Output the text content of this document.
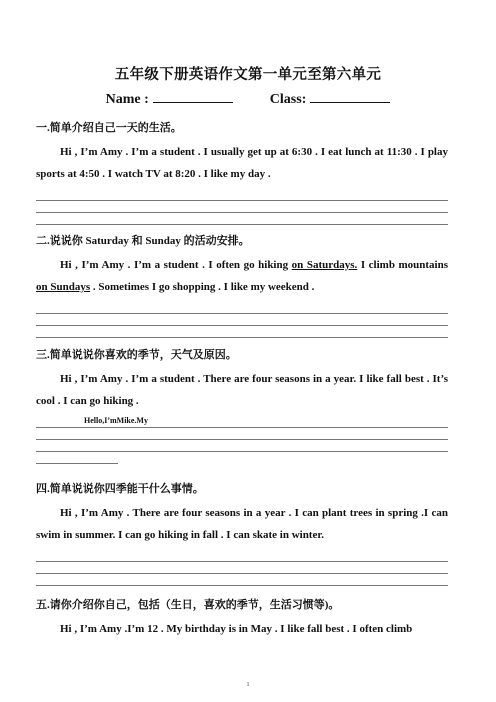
五年级下册英语作文第一单元至第六单元
Name :	Class:
一.简单介绍自己一天的生活。
Hi , I’m Amy . I’m a student . I usually get up at 6:30 . I eat lunch at 11:30 . I play sports at 4:50 . I watch TV at 8:20 . I like my day .
二.说说你 Saturday 和 Sunday 的活动安排。
Hi , I’m Amy . I’m a student . I often go hiking on Saturdays. I climb mountains on Sundays . Sometimes I go shopping . I like my weekend .
三.简单说说你喜欢的季节，天气及原因。
Hi , I’m Amy . I’m a student . There are four seasons in a year. I like fall best . It’s cool . I can go hiking .
Hello,I’mMike.My
四.简单说说你四季能干什么事情。
Hi , I’m Amy . There are four seasons in a year . I can plant trees in spring .I can swim in summer. I can go hiking in fall . I can skate in winter.
五.请你介绍你自己，包括（生日，喜欢的季节，生活习惯等)。
Hi , I’m Amy .I’m 12 . My birthday is in May . I like fall best . I often climb
1
